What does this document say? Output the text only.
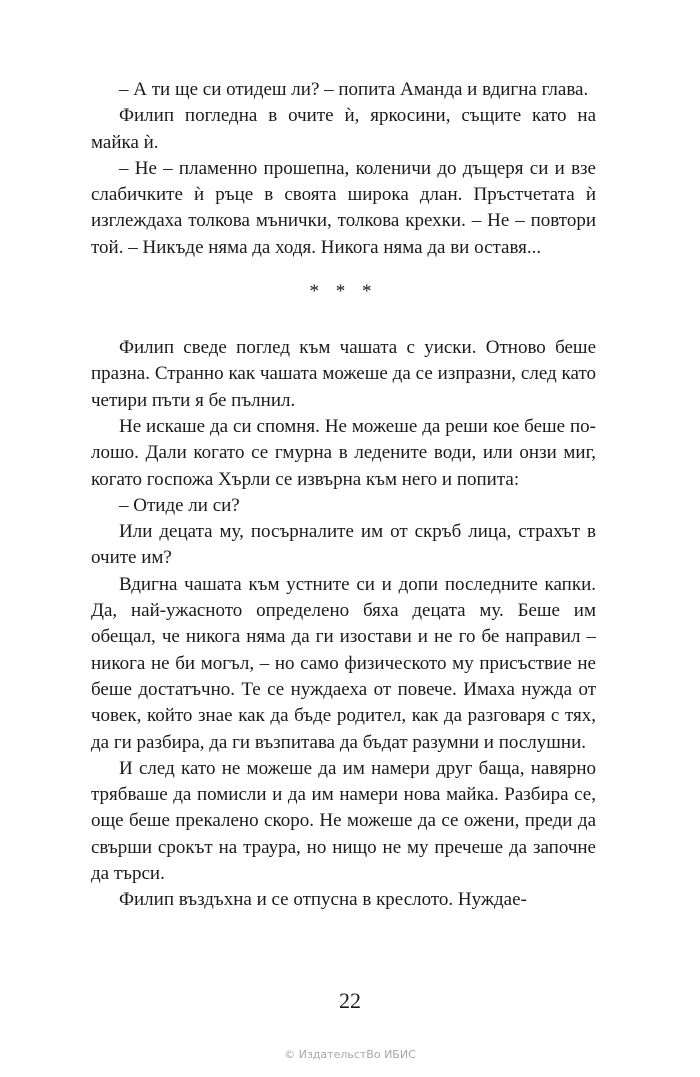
– А ти ще си отидеш ли? – попита Аманда и вдигна глава.

Филип погледна в очите ѝ, яркосини, същите като на майка ѝ.

– Не – пламенно прошепна, коленичи до дъщеря си и взе слабичките ѝ ръце в своята широка длан. Пръстчетата ѝ изглеждаха толкова мънички, толкова крехки. – Не – повтори той. – Никъде няма да ходя. Никога няма да ви оставя...

* * *

Филип сведе поглед към чашата с уиски. Отново беше празна. Странно как чашата можеше да се изпразни, след като четири пъти я бе пълнил.

Не искаше да си спомня. Не можеше да реши кое беше по-лошо. Дали когато се гмурна в ледените води, или онзи миг, когато госпожа Хърли се извърна към него и попита:

– Отиде ли си?

Или децата му, посърналите им от скръб лица, страхът в очите им?

Вдигна чашата към устните си и допи последните капки. Да, най-ужасното определено бяха децата му. Беше им обещал, че никога няма да ги изостави и не го бе направил – никога не би могъл, – но само физическото му присъствие не беше достатъчно. Те се нуждаеха от повече. Имаха нужда от човек, който знае как да бъде родител, как да разговаря с тях, да ги разбира, да ги възпитава да бъдат разумни и послушни.

И след като не можеше да им намери друг баща, навярно трябваше да помисли и да им намери нова майка. Разбира се, още беше прекалено скоро. Не можеше да се ожени, преди да свърши срокът на траура, но нищо не му пречеше да започне да търси.

Филип въздъхна и се отпусна в креслото. Нуждае-

22
© ИздательстВо ИБИС
